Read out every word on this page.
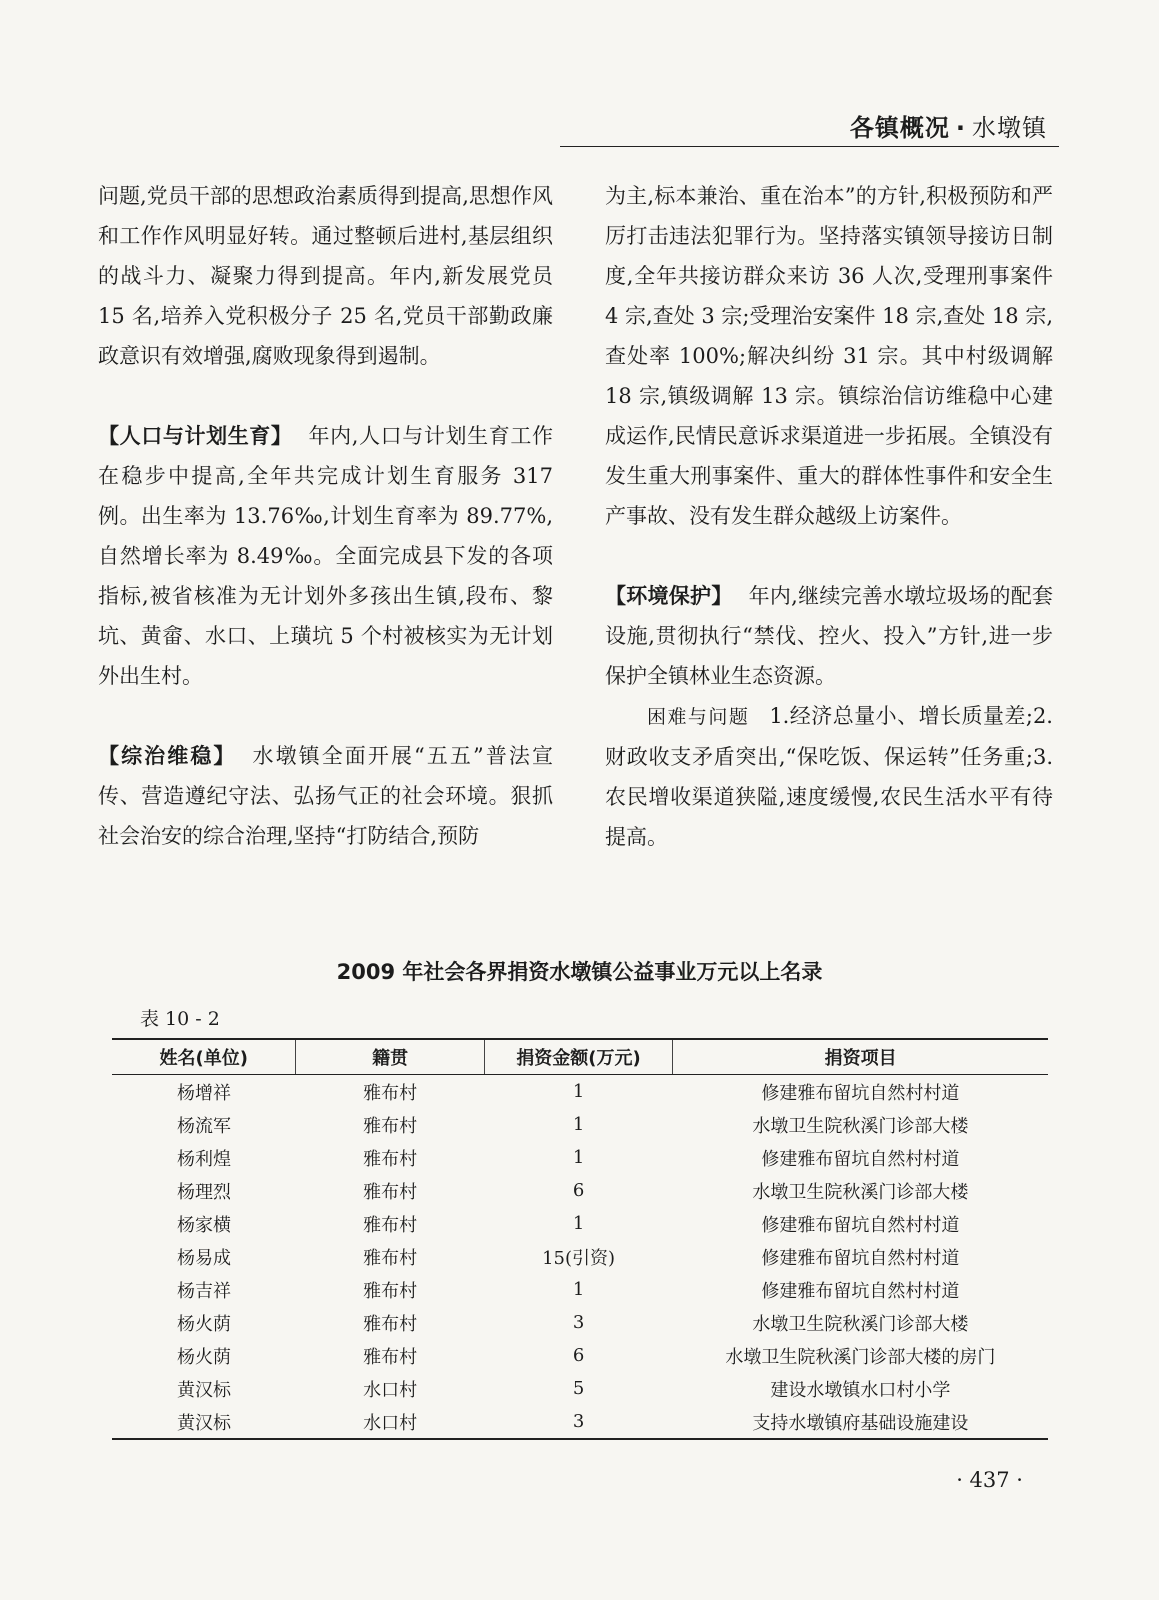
各镇概况 · 水墩镇

问题,党员干部的思想政治素质得到提高,思想作风和工作作风明显好转。通过整顿后进村,基层组织的战斗力、凝聚力得到提高。年内,新发展党员 15 名,培养入党积极分子 25 名,党员干部勤政廉政意识有效增强,腐败现象得到遏制。

【人口与计划生育】 年内,人口与计划生育工作在稳步中提高,全年共完成计划生育服务 317 例。出生率为 13.76‰,计划生育率为 89.77%,自然增长率为 8.49‰。全面完成县下发的各项指标,被省核准为无计划外多孩出生镇,段布、黎坑、黄畲、水口、上璜坑 5 个村被核实为无计划外出生村。

【综治维稳】 水墩镇全面开展“五五”普法宣传、营造遵纪守法、弘扬气正的社会环境。狠抓社会治安的综合治理,坚持“打防结合,预防

为主,标本兼治、重在治本”的方针,积极预防和严厉打击违法犯罪行为。坚持落实镇领导接访日制度,全年共接访群众来访 36 人次,受理刑事案件 4 宗,查处 3 宗;受理治安案件 18 宗,查处 18 宗,查处率 100%;解决纠纷 31 宗。其中村级调解 18 宗,镇级调解 13 宗。镇综治信访维稳中心建成运作,民情民意诉求渠道进一步拓展。全镇没有发生重大刑事案件、重大的群体性事件和安全生产事故、没有发生群众越级上访案件。

【环境保护】 年内,继续完善水墩垃圾场的配套设施,贯彻执行“禁伐、控火、投入”方针,进一步保护全镇林业生态资源。

困难与问题 1.经济总量小、增长质量差;2.财政收支矛盾突出,“保吃饭、保运转”任务重;3.农民增收渠道狭隘,速度缓慢,农民生活水平有待提高。

2009 年社会各界捐资水墩镇公益事业万元以上名录
表 10 - 2
姓名(单位)	籍贯	捐资金额(万元)	捐资项目
杨增祥	雅布村	1	修建雅布留坑自然村村道
杨流军	雅布村	1	水墩卫生院秋溪门诊部大楼
杨利煌	雅布村	1	修建雅布留坑自然村村道
杨理烈	雅布村	6	水墩卫生院秋溪门诊部大楼
杨家横	雅布村	1	修建雅布留坑自然村村道
杨易成	雅布村	15(引资)	修建雅布留坑自然村村道
杨吉祥	雅布村	1	修建雅布留坑自然村村道
杨火荫	雅布村	3	水墩卫生院秋溪门诊部大楼
杨火荫	雅布村	6	水墩卫生院秋溪门诊部大楼的房门
黄汉标	水口村	5	建设水墩镇水口村小学
黄汉标	水口村	3	支持水墩镇府基础设施建设
· 437 ·
